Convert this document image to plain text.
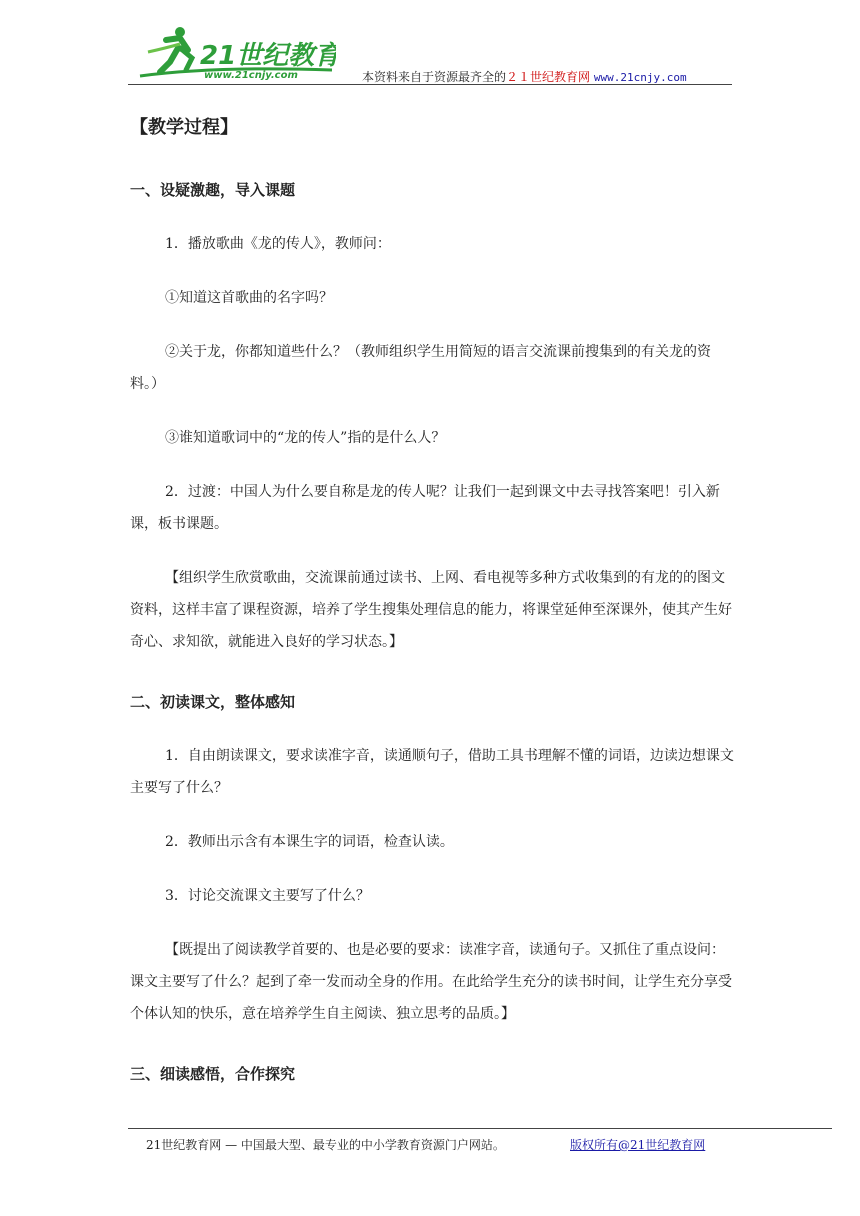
21世纪教育
www.21cnjy.com	本资料来自于资源最齐全的２１世纪教育网 www.21cnjy.com

【教学过程】

一、设疑激趣，导入课题

1．播放歌曲《龙的传人》，教师问：

①知道这首歌曲的名字吗？

②关于龙，你都知道些什么？（教师组织学生用简短的语言交流课前搜集到的有关龙的资料。）

③谁知道歌词中的“龙的传人”指的是什么人？

2．过渡：中国人为什么要自称是龙的传人呢？让我们一起到课文中去寻找答案吧！引入新课，板书课题。

【组织学生欣赏歌曲，交流课前通过读书、上网、看电视等多种方式收集到的有龙的的图文资料，这样丰富了课程资源，培养了学生搜集处理信息的能力，将课堂延伸至深课外，使其产生好奇心、求知欲，就能进入良好的学习状态。】

二、初读课文，整体感知

1．自由朗读课文，要求读准字音，读通顺句子，借助工具书理解不懂的词语，边读边想课文主要写了什么？

2．教师出示含有本课生字的词语，检查认读。

3．讨论交流课文主要写了什么？

【既提出了阅读教学首要的、也是必要的要求：读准字音，读通句子。又抓住了重点设问：课文主要写了什么？起到了牵一发而动全身的作用。在此给学生充分的读书时间，让学生充分享受个体认知的快乐，意在培养学生自主阅读、独立思考的品质。】

三、细读感悟，合作探究

21世纪教育网 — 中国最大型、最专业的中小学教育资源门户网站。	版权所有@21世纪教育网
